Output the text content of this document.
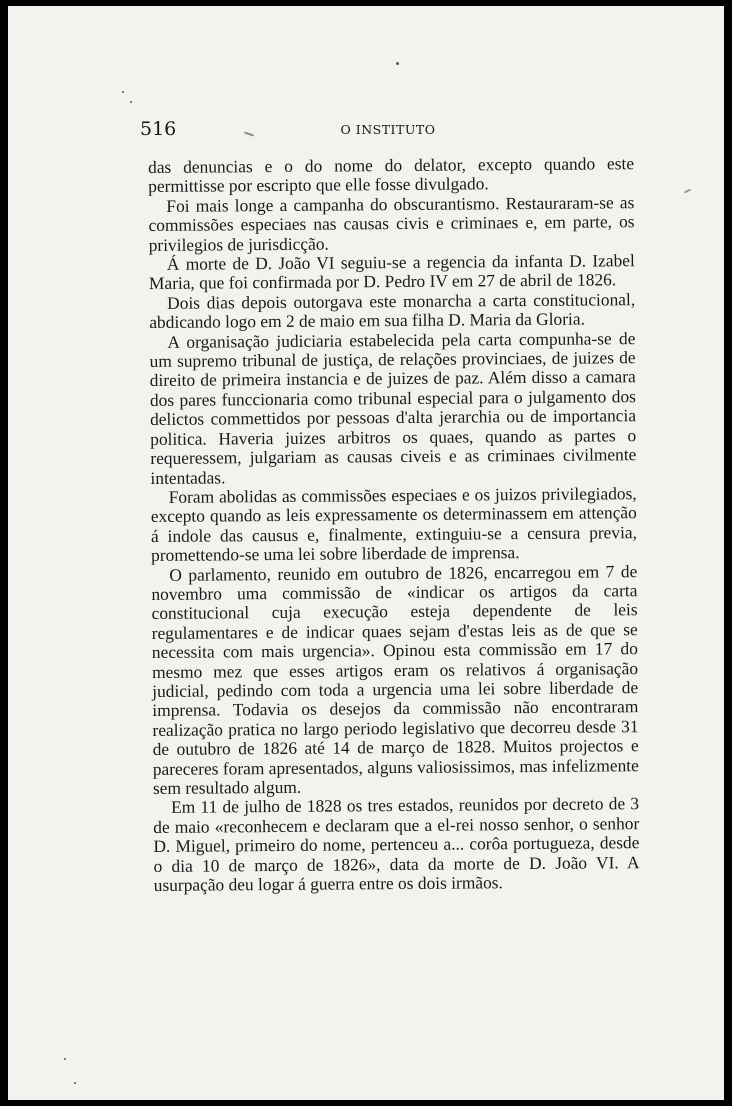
516	O INSTITUTO

das denuncias e o do nome do delator, excepto quando este permittisse por escripto que elle fosse divulgado.

Foi mais longe a campanha do obscurantismo. Restauraram-se as commissões especiaes nas causas civis e criminaes e, em parte, os privilegios de jurisdicção.

Á morte de D. João VI seguiu-se a regencia da infanta D. Izabel Maria, que foi confirmada por D. Pedro IV em 27 de abril de 1826.

Dois dias depois outorgava este monarcha a carta constitucional, abdicando logo em 2 de maio em sua filha D. Maria da Gloria.

A organisação judiciaria estabelecida pela carta compunha-se de um supremo tribunal de justiça, de relações provinciaes, de juizes de direito de primeira instancia e de juizes de paz. Além disso a camara dos pares funccionaria como tribunal especial para o julgamento dos delictos commettidos por pessoas d'alta jerarchia ou de importancia politica. Haveria juizes arbitros os quaes, quando as partes o requeressem, julgariam as causas civeis e as criminaes civilmente intentadas.

Foram abolidas as commissões especiaes e os juizos privilegiados, excepto quando as leis expressamente os determinassem em attenção á indole das causus e, finalmente, extinguiu-se a censura previa, promettendo-se uma lei sobre liberdade de imprensa.

O parlamento, reunido em outubro de 1826, encarregou em 7 de novembro uma commissão de «indicar os artigos da carta constitucional cuja execução esteja dependente de leis regulamentares e de indicar quaes sejam d'estas leis as de que se necessita com mais urgencia». Opinou esta commissão em 17 do mesmo mez que esses artigos eram os relativos á organisação judicial, pedindo com toda a urgencia uma lei sobre liberdade de imprensa. Todavia os desejos da commissão não encontraram realização pratica no largo periodo legislativo que decorreu desde 31 de outubro de 1826 até 14 de março de 1828. Muitos projectos e pareceres foram apresentados, alguns valiosissimos, mas infelizmente sem resultado algum.

Em 11 de julho de 1828 os tres estados, reunidos por decreto de 3 de maio «reconhecem e declaram que a el-rei nosso senhor, o senhor D. Miguel, primeiro do nome, pertenceu a... corôa portugueza, desde o dia 10 de março de 1826», data da morte de D. João VI. A usurpação deu logar á guerra entre os dois irmãos.
